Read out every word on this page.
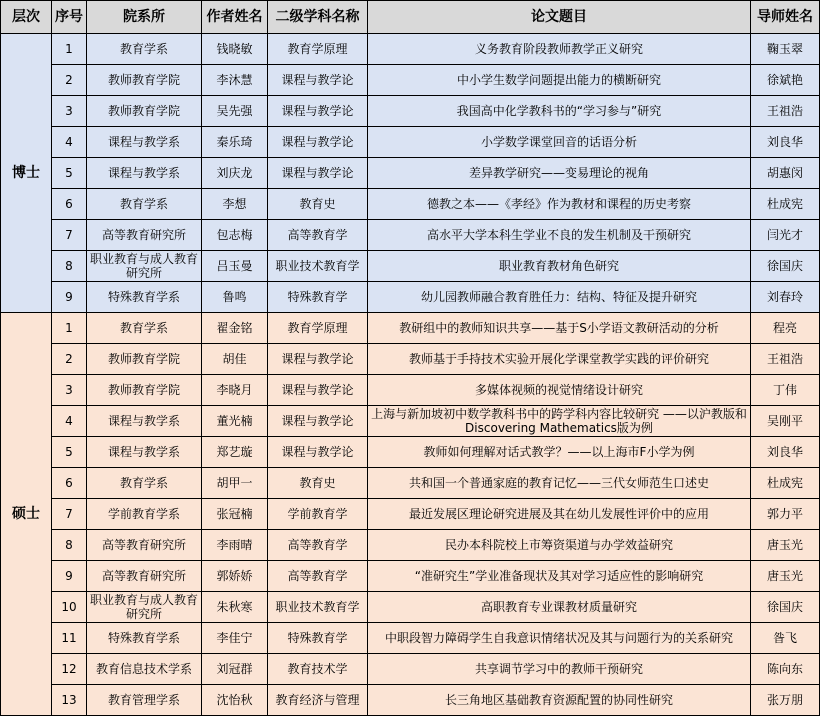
层次	序号	院系所	作者姓名	二级学科名称	论文题目	导师姓名
博士	1	教育学系	钱晓敏	教育学原理	义务教育阶段教师教学正义研究	鞠玉翠
	2	教师教育学院	李沐慧	课程与教学论	中小学生数学问题提出能力的横断研究	徐斌艳
	3	教师教育学院	吴先强	课程与教学论	我国高中化学教科书的“学习参与”研究	王祖浩
	4	课程与教学系	秦乐琦	课程与教学论	小学数学课堂回音的话语分析	刘良华
	5	课程与教学系	刘庆龙	课程与教学论	差异教学研究——变易理论的视角	胡惠闵
	6	教育学系	李想	教育史	德教之本——《孝经》作为教材和课程的历史考察	杜成宪
	7	高等教育研究所	包志梅	高等教育学	高水平大学本科生学业不良的发生机制及干预研究	闫光才
	8	职业教育与成人教育研究所	吕玉曼	职业技术教育学	职业教育教材角色研究	徐国庆
	9	特殊教育学系	鲁鸣	特殊教育学	幼儿园教师融合教育胜任力：结构、特征及提升研究	刘春玲
硕士	1	教育学系	翟金铭	教育学原理	教研组中的教师知识共享——基于S小学语文教研活动的分析	程亮
	2	教师教育学院	胡佳	课程与教学论	教师基于手持技术实验开展化学课堂教学实践的评价研究	王祖浩
	3	教师教育学院	李晓月	课程与教学论	多媒体视频的视觉情绪设计研究	丁伟
	4	课程与教学系	董光楠	课程与教学论	上海与新加坡初中数学教科书中的跨学科内容比较研究 ——以沪教版和Discovering Mathematics版为例	吴刚平
	5	课程与教学系	郑艺璇	课程与教学论	教师如何理解对话式教学？——以上海市F小学为例	刘良华
	6	教育学系	胡甲一	教育史	共和国一个普通家庭的教育记忆——三代女师范生口述史	杜成宪
	7	学前教育学系	张冠楠	学前教育学	最近发展区理论研究进展及其在幼儿发展性评价中的应用	郭力平
	8	高等教育研究所	李雨晴	高等教育学	民办本科院校上市筹资渠道与办学效益研究	唐玉光
	9	高等教育研究所	郭娇娇	高等教育学	“准研究生”学业准备现状及其对学习适应性的影响研究	唐玉光
	10	职业教育与成人教育研究所	朱秋寒	职业技术教育学	高职教育专业课教材质量研究	徐国庆
	11	特殊教育学系	李佳宁	特殊教育学	中职段智力障碍学生自我意识情绪状况及其与问题行为的关系研究	昝飞
	12	教育信息技术学系	刘冠群	教育技术学	共享调节学习中的教师干预研究	陈向东
	13	教育管理学系	沈怡秋	教育经济与管理	长三角地区基础教育资源配置的协同性研究	张万朋
